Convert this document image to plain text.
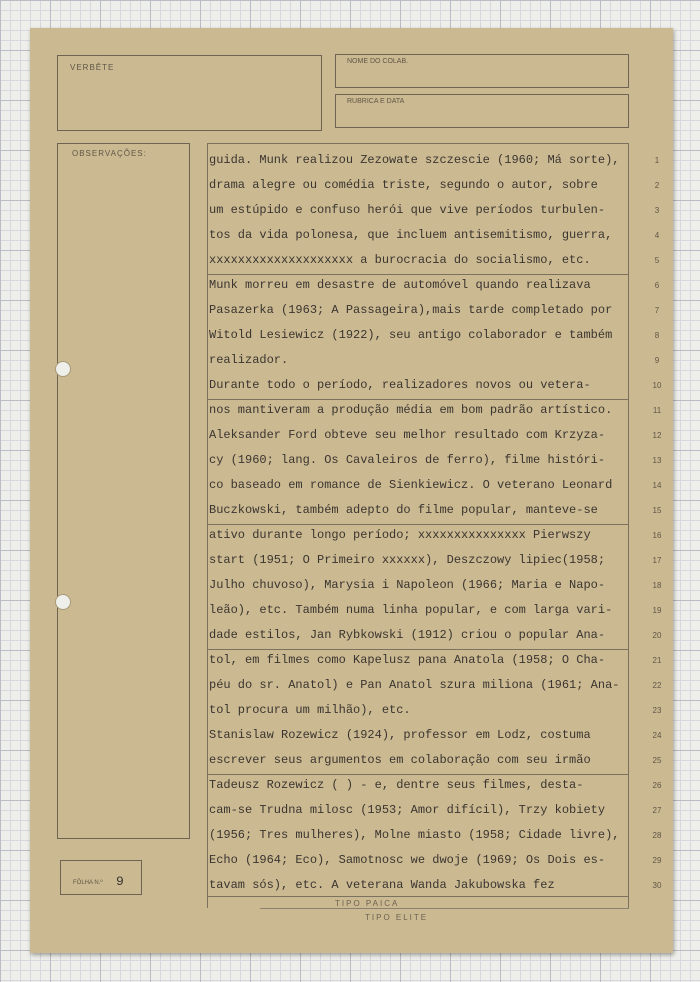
VERBÊTE
NOME DO COLAB.
RUBRICA E DATA
OBSERVAÇÕES:
FÔLHA N.º 9
TIPO PAICA
TIPO ELITE
guida. Munk realizou Zezowate szczescie (1960; Má sorte),
drama alegre ou comédia triste, segundo o autor, sobre
um estúpido e confuso herói que vive períodos turbulen-
tos da vida polonesa, que incluem antisemitismo, guerra,
xxxxxxxxxxxxxxxxxxxx a burocracia do socialismo, etc.
Munk morreu em desastre de automóvel quando realizava
Pasazerka (1963; A Passageira),mais tarde completado por
Witold Lesiewicz (1922), seu antigo colaborador e também
realizador.
Durante todo o período, realizadores novos ou vetera-
nos mantiveram a produção média em bom padrão artístico.
Aleksander Ford obteve seu melhor resultado com Krzyza-
cy (1960; lang. Os Cavaleiros de ferro), filme históri-
co baseado em romance de Sienkiewicz. O veterano Leonard
Buczkowski, também adepto do filme popular, manteve-se
ativo durante longo período; xxxxxxxxxxxxxxx Pierwszy
start (1951; O Primeiro xxxxxx), Deszczowy lipiec(1958;
Julho chuvoso), Marysia i Napoleon (1966; Maria e Napo-
leão), etc. Também numa linha popular, e com larga vari-
dade estilos, Jan Rybkowski (1912) criou o popular Ana-
tol, em filmes como Kapelusz pana Anatola (1958; O Cha-
péu do sr. Anatol) e Pan Anatol szura miliona (1961; Ana-
tol procura um milhão), etc.
Stanislaw Rozewicz (1924), professor em Lodz, costuma
escrever seus argumentos em colaboração com seu irmão
Tadeusz Rozewicz ( ) - e, dentre seus filmes, desta-
cam-se Trudna milosc (1953; Amor difícil), Trzy kobiety
(1956; Tres mulheres), Molne miasto (1958; Cidade livre),
Echo (1964; Eco), Samotnosc we dwoje (1969; Os Dois es-
tavam sós), etc. A veterana Wanda Jakubowska fez
1
2
3
4
5
6
7
8
9
10
11
12
13
14
15
16
17
18
19
20
21
22
23
24
25
26
27
28
29
30
